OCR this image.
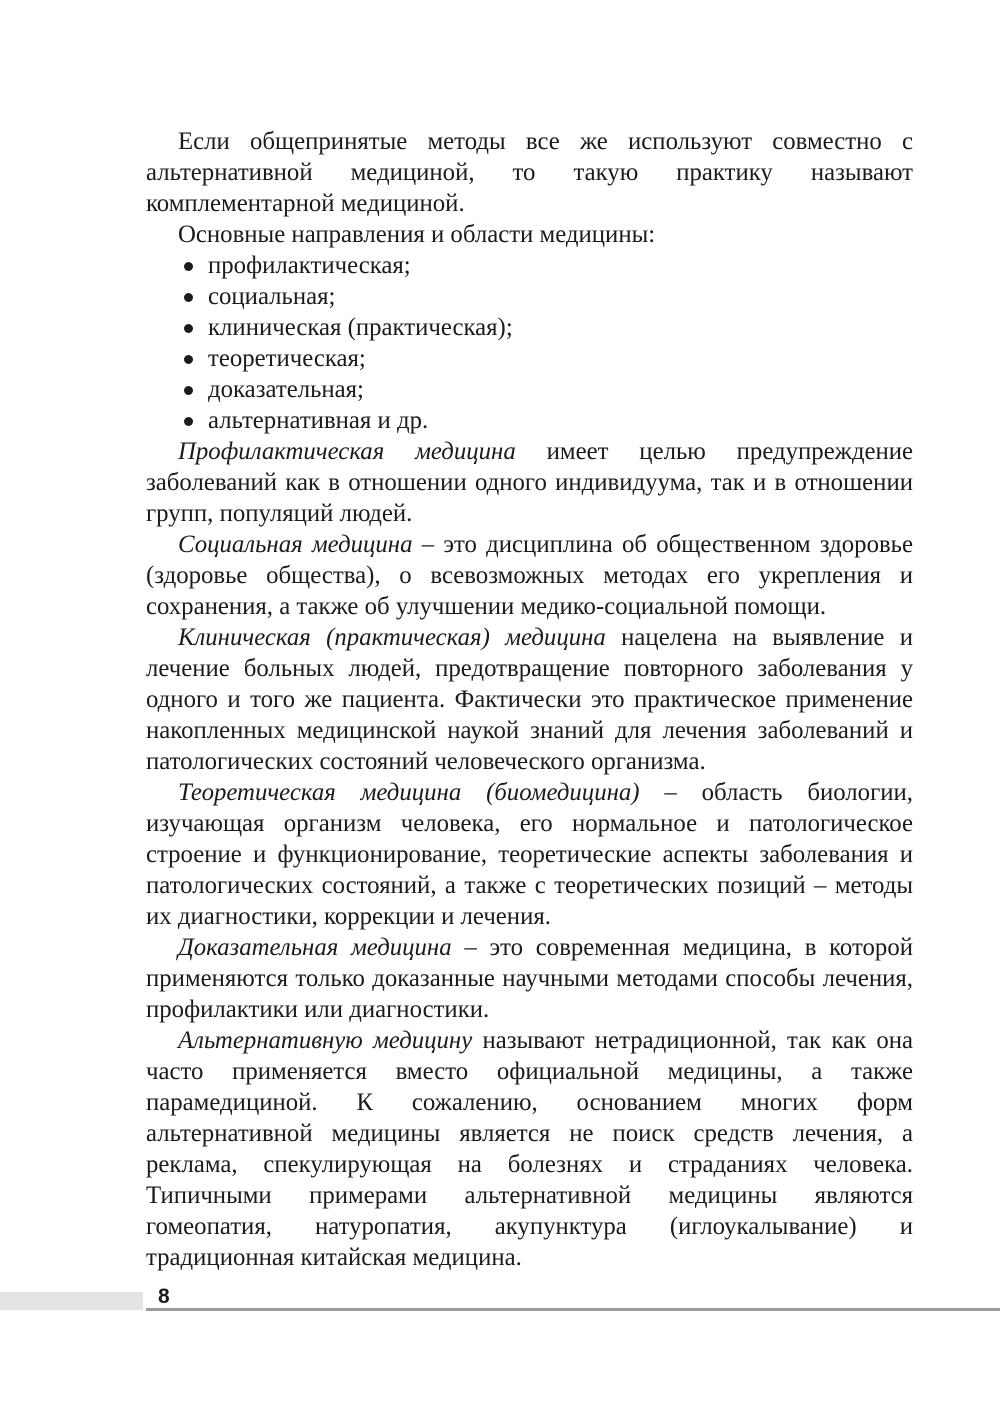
Если общепринятые методы все же используют совместно с альтернативной медициной, то такую практику называют комплементарной медициной.

Основные направления и области медицины:

профилактическая;
социальная;
клиническая (практическая);
теоретическая;
доказательная;
альтернативная и др.

Профилактическая медицина имеет целью предупреждение заболеваний как в отношении одного индивидуума, так и в отношении групп, популяций людей.

Социальная медицина – это дисциплина об общественном здоровье (здоровье общества), о всевозможных методах его укрепления и сохранения, а также об улучшении медико-социальной помощи.

Клиническая (практическая) медицина нацелена на выявление и лечение больных людей, предотвращение повторного заболевания у одного и того же пациента. Фактически это практическое применение накопленных медицинской наукой знаний для лечения заболеваний и патологических состояний человеческого организма.

Теоретическая медицина (биомедицина) – область биологии, изучающая организм человека, его нормальное и патологическое строение и функционирование, теоретические аспекты заболевания и патологических состояний, а также с теоретических позиций – методы их диагностики, коррекции и лечения.

Доказательная медицина – это современная медицина, в которой применяются только доказанные научными методами способы лечения, профилактики или диагностики.

Альтернативную медицину называют нетрадиционной, так как она часто применяется вместо официальной медицины, а также парамедициной. К сожалению, основанием многих форм альтернативной медицины является не поиск средств лечения, а реклама, спекулирующая на болезнях и страданиях человека. Типичными примерами альтернативной медицины являются гомеопатия, натуропатия, акупунктура (иглоукалывание) и традиционная китайская медицина.

8
